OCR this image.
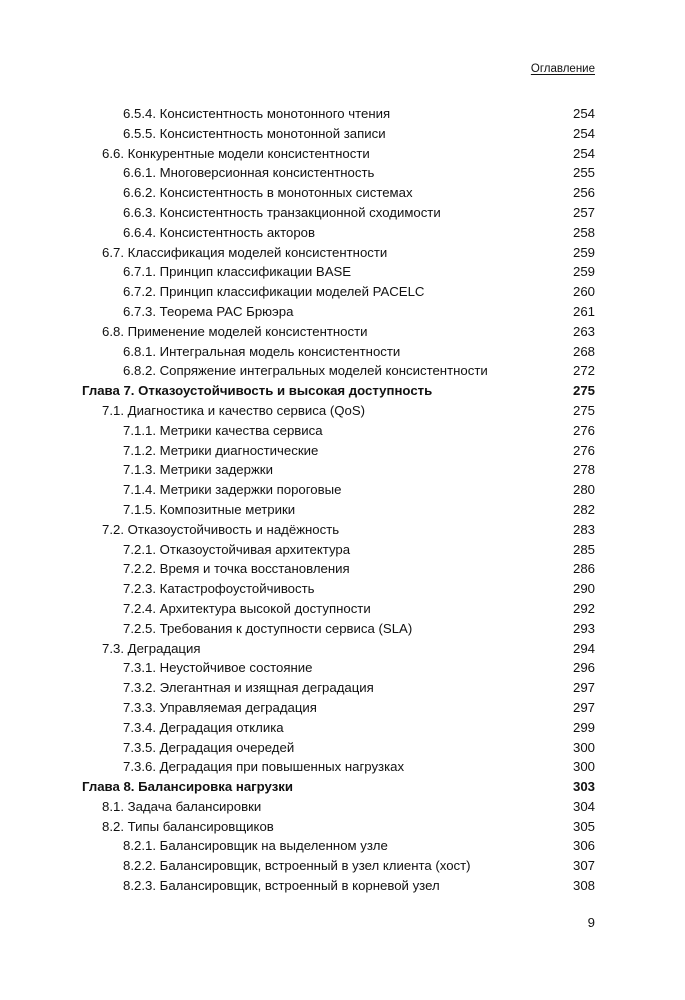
Оглавление
6.5.4. Консистентность монотонного чтения	254
6.5.5. Консистентность монотонной записи	254
6.6. Конкурентные модели консистентности	254
6.6.1. Многоверсионная консистентность	255
6.6.2. Консистентность в монотонных системах	256
6.6.3. Консистентность транзакционной сходимости	257
6.6.4. Консистентность акторов	258
6.7. Классификация моделей консистентности	259
6.7.1. Принцип классификации BASE	259
6.7.2. Принцип классификации моделей PACELC	260
6.7.3. Теорема PAC Брюэра	261
6.8. Применение моделей консистентности	263
6.8.1. Интегральная модель консистентности	268
6.8.2. Сопряжение интегральных моделей консистентности	272
Глава 7. Отказоустойчивость и высокая доступность	275
7.1. Диагностика и качество сервиса (QoS)	275
7.1.1. Метрики качества сервиса	276
7.1.2. Метрики диагностические	276
7.1.3. Метрики задержки	278
7.1.4. Метрики задержки пороговые	280
7.1.5. Композитные метрики	282
7.2. Отказоустойчивость и надёжность	283
7.2.1. Отказоустойчивая архитектура	285
7.2.2. Время и точка восстановления	286
7.2.3. Катастрофоустойчивость	290
7.2.4. Архитектура высокой доступности	292
7.2.5. Требования к доступности сервиса (SLA)	293
7.3. Деградация	294
7.3.1. Неустойчивое состояние	296
7.3.2. Элегантная и изящная деградация	297
7.3.3. Управляемая деградация	297
7.3.4. Деградация отклика	299
7.3.5. Деградация очередей	300
7.3.6. Деградация при повышенных нагрузках	300
Глава 8. Балансировка нагрузки	303
8.1. Задача балансировки	304
8.2. Типы балансировщиков	305
8.2.1. Балансировщик на выделенном узле	306
8.2.2. Балансировщик, встроенный в узел клиента (хост)	307
8.2.3. Балансировщик, встроенный в корневой узел	308
9
